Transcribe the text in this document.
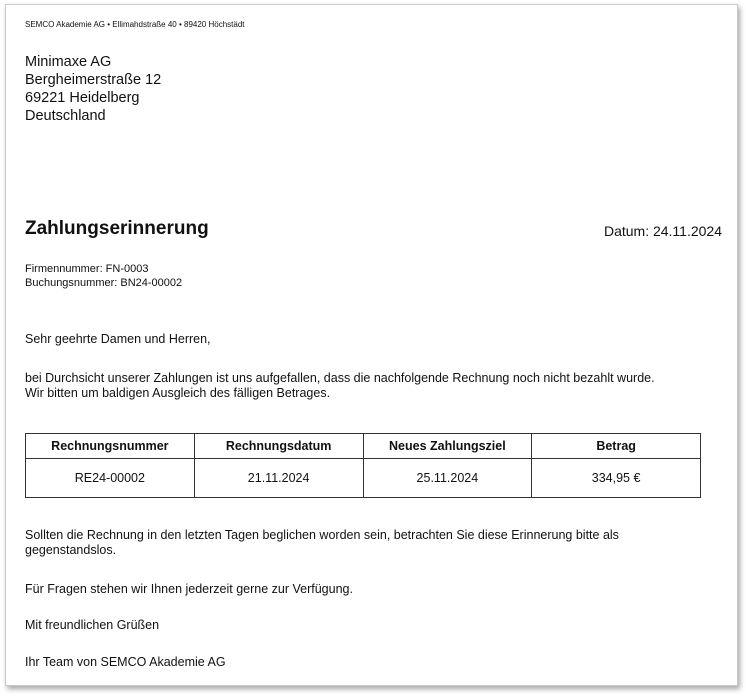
SEMCO Akademie AG • Ellimahdstraße 40 • 89420 Höchstädt
Minimaxe AG
Bergheimerstraße 12
69221 Heidelberg
Deutschland
Zahlungserinnerung	Datum: 24.11.2024
Firmennummer: FN-0003
Buchungsnummer: BN24-00002
Sehr geehrte Damen und Herren,
bei Durchsicht unserer Zahlungen ist uns aufgefallen, dass die nachfolgende Rechnung noch nicht bezahlt wurde.
Wir bitten um baldigen Ausgleich des fälligen Betrages.
Rechnungsnummer	Rechnungsdatum	Neues Zahlungsziel	Betrag
RE24-00002	21.11.2024	25.11.2024	334,95 €
Sollten die Rechnung in den letzten Tagen beglichen worden sein, betrachten Sie diese Erinnerung bitte als
gegenstandslos.
Für Fragen stehen wir Ihnen jederzeit gerne zur Verfügung.
Mit freundlichen Grüßen
Ihr Team von SEMCO Akademie AG
